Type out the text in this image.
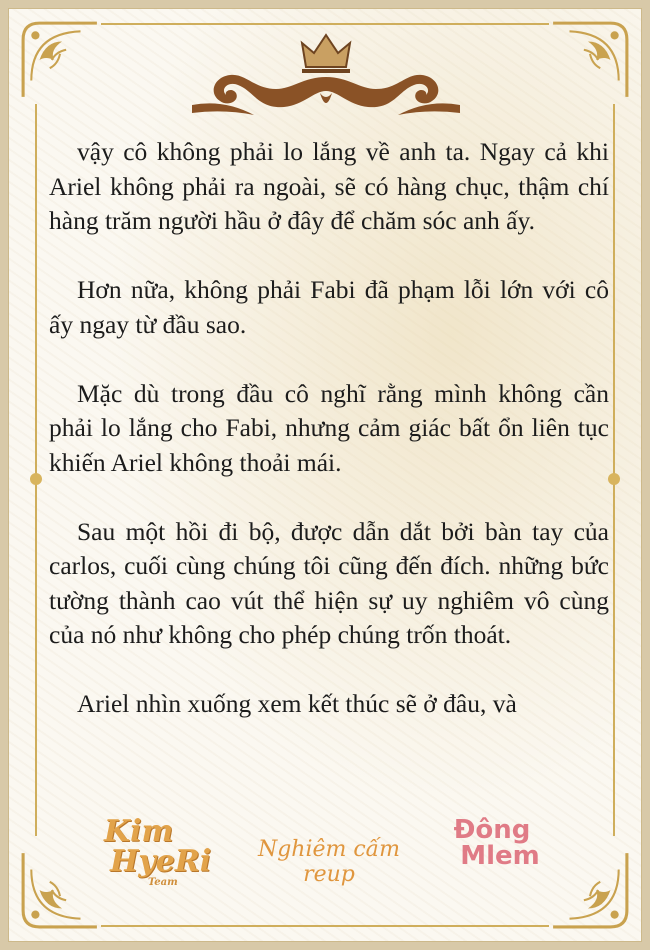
vậy cô không phải lo lắng về anh ta. Ngay cả khi Ariel không phải ra ngoài, sẽ có hàng chục, thậm chí hàng trăm người hầu ở đây để chăm sóc anh ấy.

Hơn nữa, không phải Fabi đã phạm lỗi lớn với cô ấy ngay từ đầu sao.

Mặc dù trong đầu cô nghĩ rằng mình không cần phải lo lắng cho Fabi, nhưng cảm giác bất ổn liên tục khiến Ariel không thoải mái.

Sau một hồi đi bộ, được dẫn dắt bởi bàn tay của carlos, cuối cùng chúng tôi cũng đến đích. những bức tường thành cao vút thể hiện sự uy nghiêm vô cùng của nó như không cho phép chúng trốn thoát.

Ariel nhìn xuống xem kết thúc sẽ ở đâu, và

Kim
HyeRi
Team
Nghiêm cấm reup
Đông
Mlem
